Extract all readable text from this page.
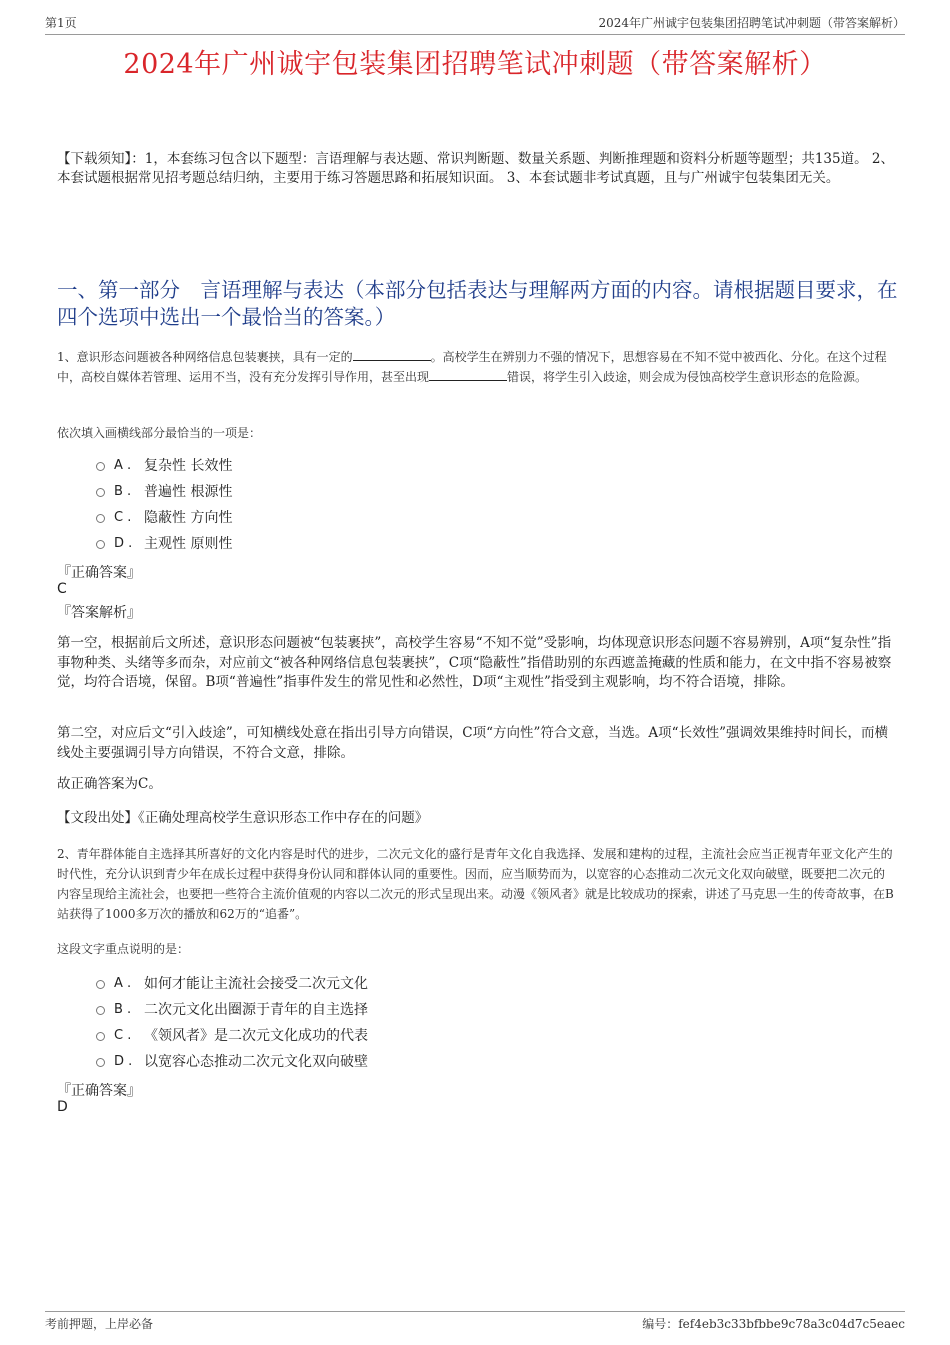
第1页	2024年广州诚宇包装集团招聘笔试冲刺题（带答案解析）
2024年广州诚宇包装集团招聘笔试冲刺题（带答案解析）
【下载须知】：1，本套练习包含以下题型：言语理解与表达题、常识判断题、数量关系题、判断推理题和资料分析题等题型；共135道。 2、本套试题根据常见招考题总结归纳，主要用于练习答题思路和拓展知识面。 3、本套试题非考试真题，且与广州诚宇包装集团无关。
一、第一部分　言语理解与表达（本部分包括表达与理解两方面的内容。请根据题目要求，在四个选项中选出一个最恰当的答案。）
1、意识形态问题被各种网络信息包装裹挟，具有一定的	。高校学生在辨别力不强的情况下，思想容易在不知不觉中被西化、分化。在这个过程中，高校自媒体若管理、运用不当，没有充分发挥引导作用，甚至出现	错误，将学生引入歧途，则会成为侵蚀高校学生意识形态的危险源。
依次填入画横线部分最恰当的一项是：
A . 复杂性 长效性
B . 普遍性 根源性
C . 隐蔽性 方向性
D . 主观性 原则性
『正确答案』
C
『答案解析』
第一空，根据前后文所述，意识形态问题被“包装裹挟”，高校学生容易“不知不觉”受影响，均体现意识形态问题不容易辨别，A项“复杂性”指事物种类、头绪等多而杂，对应前文“被各种网络信息包装裹挟”，C项“隐蔽性”指借助别的东西遮盖掩藏的性质和能力，在文中指不容易被察觉，均符合语境，保留。B项“普遍性”指事件发生的常见性和必然性，D项“主观性”指受到主观影响，均不符合语境，排除。
第二空，对应后文“引入歧途”，可知横线处意在指出引导方向错误，C项“方向性”符合文意，当选。A项“长效性”强调效果维持时间长，而横线处主要强调引导方向错误，不符合文意，排除。
故正确答案为C。
【文段出处】《正确处理高校学生意识形态工作中存在的问题》
2、青年群体能自主选择其所喜好的文化内容是时代的进步，二次元文化的盛行是青年文化自我选择、发展和建构的过程，主流社会应当正视青年亚文化产生的时代性，充分认识到青少年在成长过程中获得身份认同和群体认同的重要性。因而，应当顺势而为，以宽容的心态推动二次元文化双向破壁，既要把二次元的内容呈现给主流社会，也要把一些符合主流价值观的内容以二次元的形式呈现出来。动漫《领风者》就是比较成功的探索，讲述了马克思一生的传奇故事，在B站获得了1000多万次的播放和62万的“追番”。
这段文字重点说明的是：
A . 如何才能让主流社会接受二次元文化
B . 二次元文化出圈源于青年的自主选择
C . 《领风者》是二次元文化成功的代表
D . 以宽容心态推动二次元文化双向破壁
『正确答案』
D
考前押题，上岸必备	编号：fef4eb3c33bfbbe9c78a3c04d7c5eaec
